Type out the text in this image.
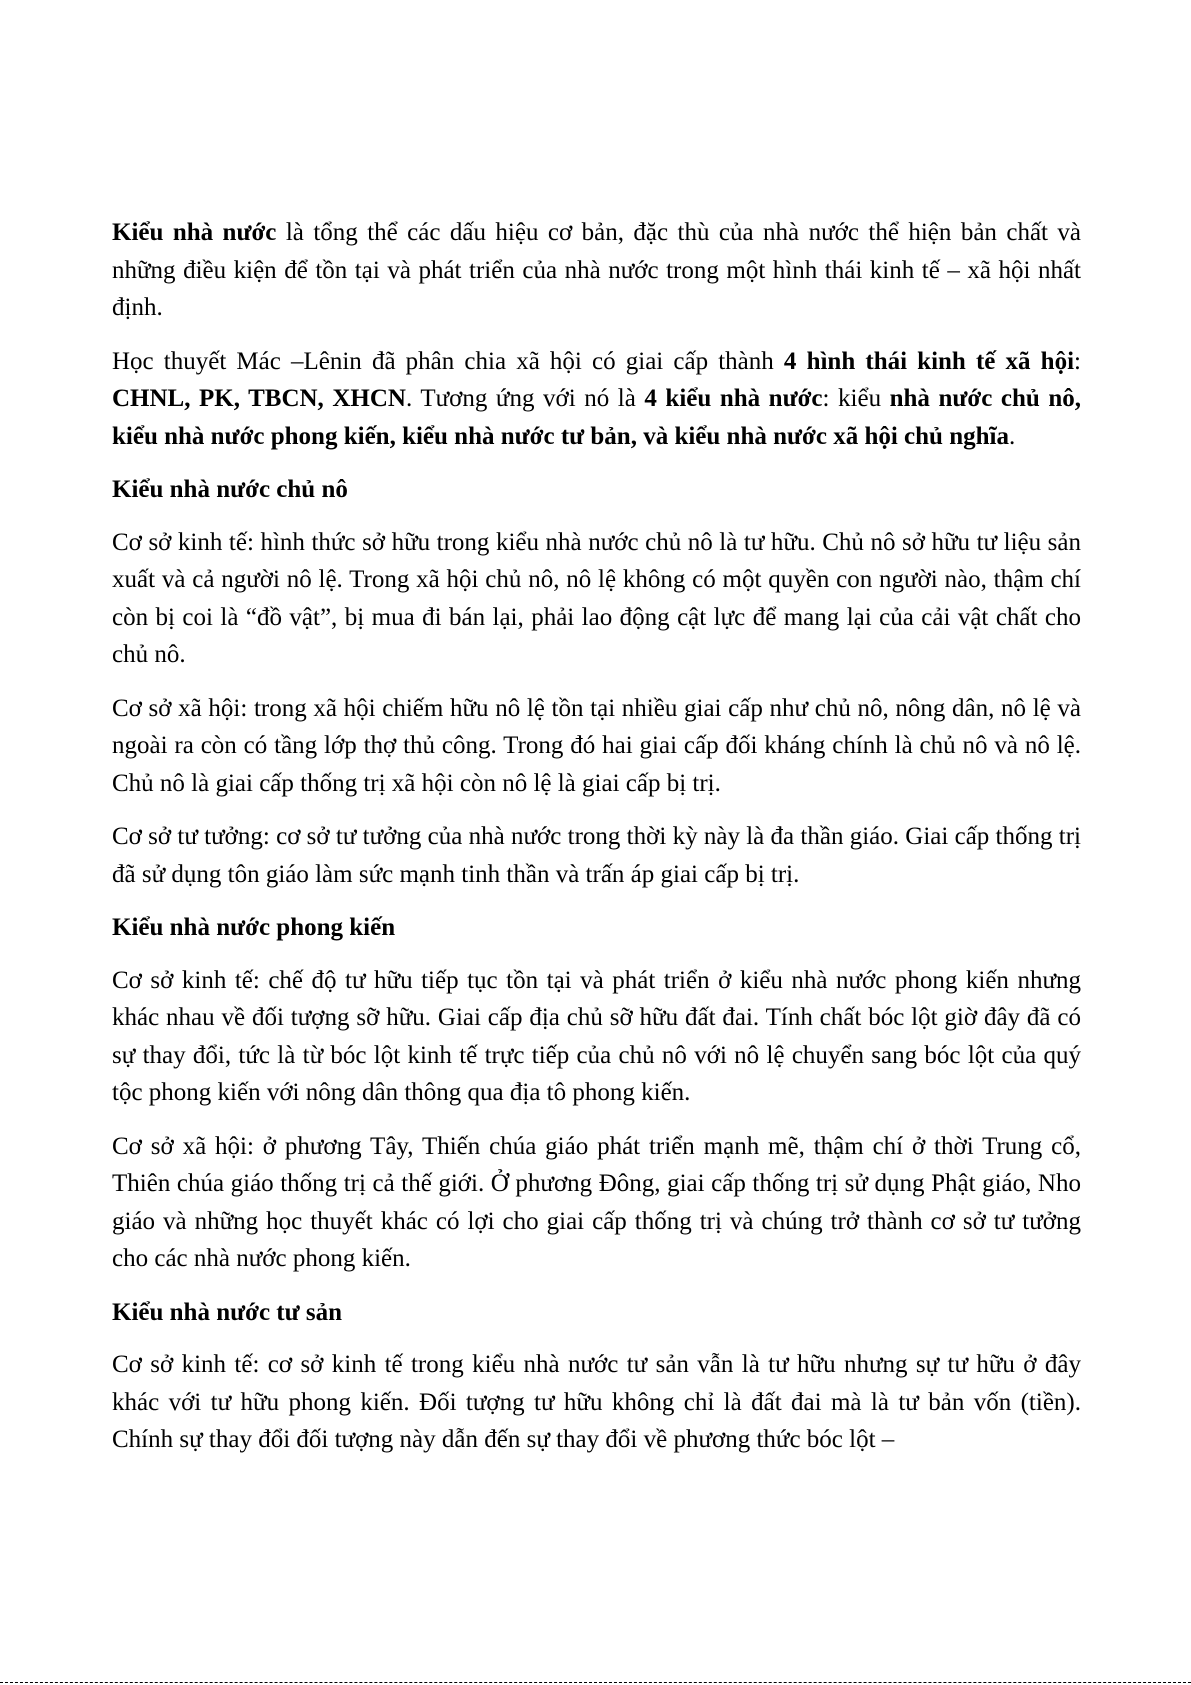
Kiểu nhà nước là tổng thể các dấu hiệu cơ bản, đặc thù của nhà nước thể hiện bản chất và những điều kiện để tồn tại và phát triển của nhà nước trong một hình thái kinh tế – xã hội nhất định.

Học thuyết Mác –Lênin đã phân chia xã hội có giai cấp thành 4 hình thái kinh tế xã hội: CHNL, PK, TBCN, XHCN. Tương ứng với nó là 4 kiểu nhà nước: kiểu nhà nước chủ nô, kiểu nhà nước phong kiến, kiểu nhà nước tư bản, và kiểu nhà nước xã hội chủ nghĩa.

Kiểu nhà nước chủ nô

Cơ sở kinh tế: hình thức sở hữu trong kiểu nhà nước chủ nô là tư hữu. Chủ nô sở hữu tư liệu sản xuất và cả người nô lệ. Trong xã hội chủ nô, nô lệ không có một quyền con người nào, thậm chí còn bị coi là “đồ vật”, bị mua đi bán lại, phải lao động cật lực để mang lại của cải vật chất cho chủ nô.

Cơ sở xã hội: trong xã hội chiếm hữu nô lệ tồn tại nhiều giai cấp như chủ nô, nông dân, nô lệ và ngoài ra còn có tầng lớp thợ thủ công. Trong đó hai giai cấp đối kháng chính là chủ nô và nô lệ. Chủ nô là giai cấp thống trị xã hội còn nô lệ là giai cấp bị trị.

Cơ sở tư tưởng: cơ sở tư tưởng của nhà nước trong thời kỳ này là đa thần giáo. Giai cấp thống trị đã sử dụng tôn giáo làm sức mạnh tinh thần và trấn áp giai cấp bị trị.

Kiểu nhà nước phong kiến

Cơ sở kinh tế: chế độ tư hữu tiếp tục tồn tại và phát triển ở kiểu nhà nước phong kiến nhưng khác nhau về đối tượng sỡ hữu. Giai cấp địa chủ sỡ hữu đất đai. Tính chất bóc lột giờ đây đã có sự thay đổi, tức là từ bóc lột kinh tế trực tiếp của chủ nô với nô lệ chuyển sang bóc lột của quý tộc phong kiến với nông dân thông qua địa tô phong kiến.

Cơ sở xã hội: ở phương Tây, Thiến chúa giáo phát triển mạnh mẽ, thậm chí ở thời Trung cổ, Thiên chúa giáo thống trị cả thế giới. Ở phương Đông, giai cấp thống trị sử dụng Phật giáo, Nho giáo và những học thuyết khác có lợi cho giai cấp thống trị và chúng trở thành cơ sở tư tưởng cho các nhà nước phong kiến.

Kiểu nhà nước tư sản

Cơ sở kinh tế: cơ sở kinh tế trong kiểu nhà nước tư sản vẫn là tư hữu nhưng sự tư hữu ở đây khác với tư hữu phong kiến. Đối tượng tư hữu không chỉ là đất đai mà là tư bản vốn (tiền). Chính sự thay đổi đối tượng này dẫn đến sự thay đổi về phương thức bóc lột –
